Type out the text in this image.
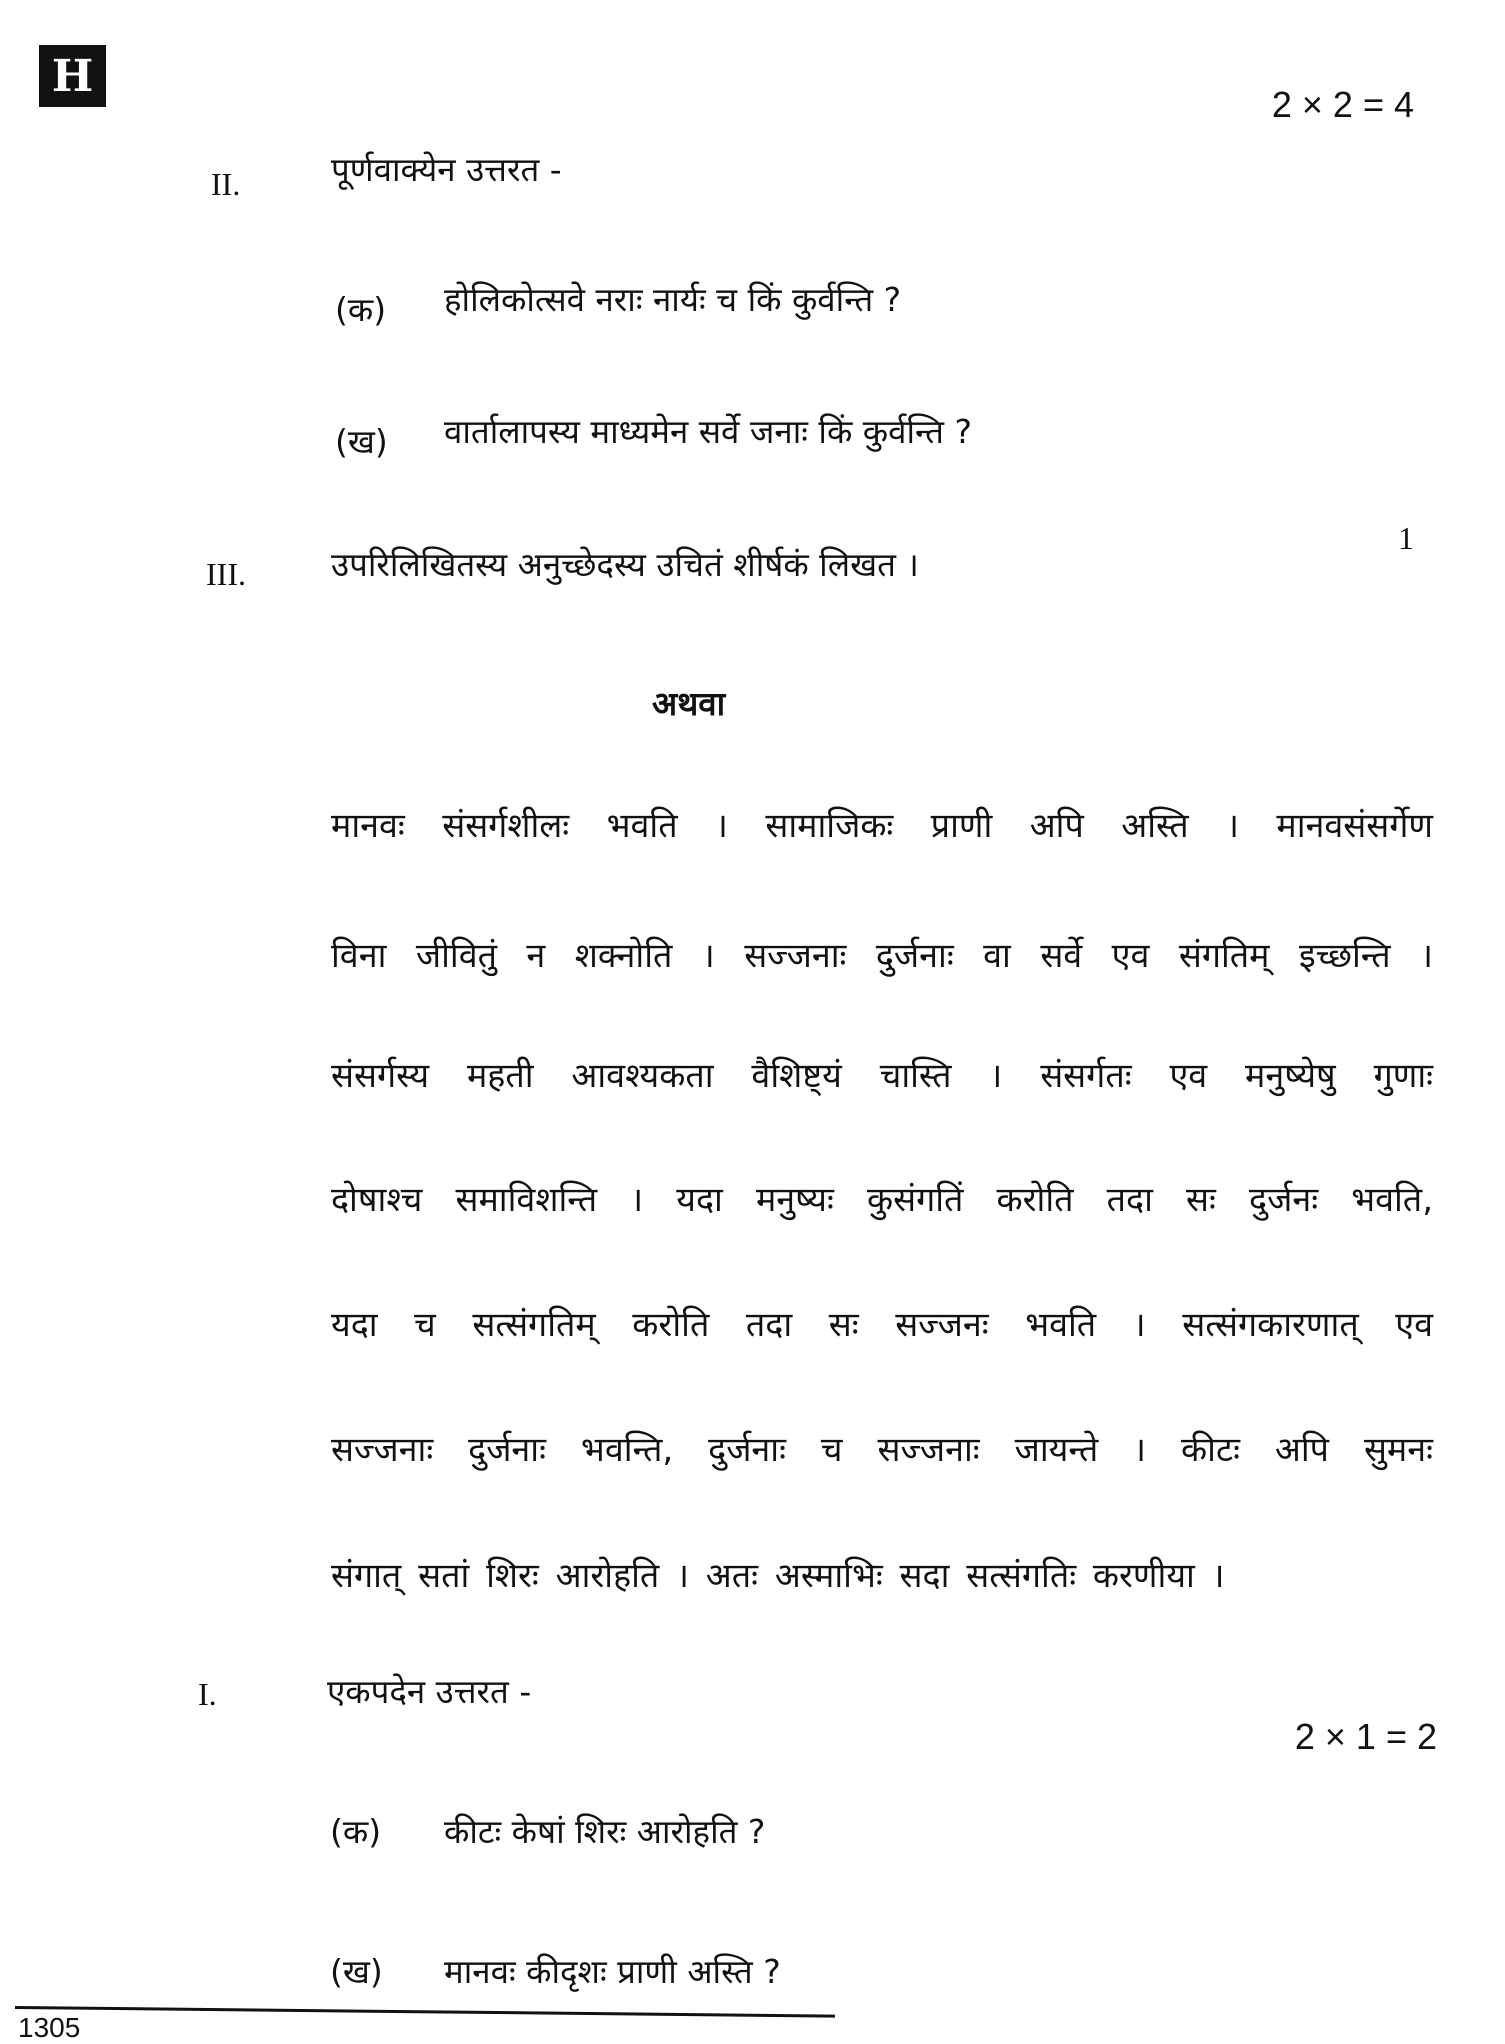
H
2 × 2 = 4
II.	पूर्णवाक्येन उत्तरत -
(क) होलिकोत्सवे नराः नार्यः च किं कुर्वन्ति ?
(ख) वार्तालापस्य माध्यमेन सर्वे जनाः किं कुर्वन्ति ?
1
III.	उपरिलिखितस्य अनुच्छेदस्य उचितं शीर्षकं लिखत ।
अथवा
मानवः संसर्गशीलः भवति । सामाजिकः प्राणी अपि अस्ति । मानवसंसर्गेण
विना जीवितुं न शक्नोति । सज्जनाः दुर्जनाः वा सर्वे एव संगतिम् इच्छन्ति ।
संसर्गस्य महती आवश्यकता वैशिष्ट्यं चास्ति । संसर्गतः एव मनुष्येषु गुणाः
दोषाश्च समाविशन्ति । यदा मनुष्यः कुसंगतिं करोति तदा सः दुर्जनः भवति,
यदा च सत्संगतिम् करोति तदा सः सज्जनः भवति । सत्संगकारणात् एव
सज्जनाः दुर्जनाः भवन्ति, दुर्जनाः च सज्जनाः जायन्ते । कीटः अपि सुमनः
संगात् सतां शिरः आरोहति । अतः अस्माभिः सदा सत्संगतिः करणीया ।
I.	एकपदेन उत्तरत -
2 × 1 = 2
(क) कीटः केषां शिरः आरोहति ?
(ख) मानवः कीदृशः प्राणी अस्ति ?
1305
